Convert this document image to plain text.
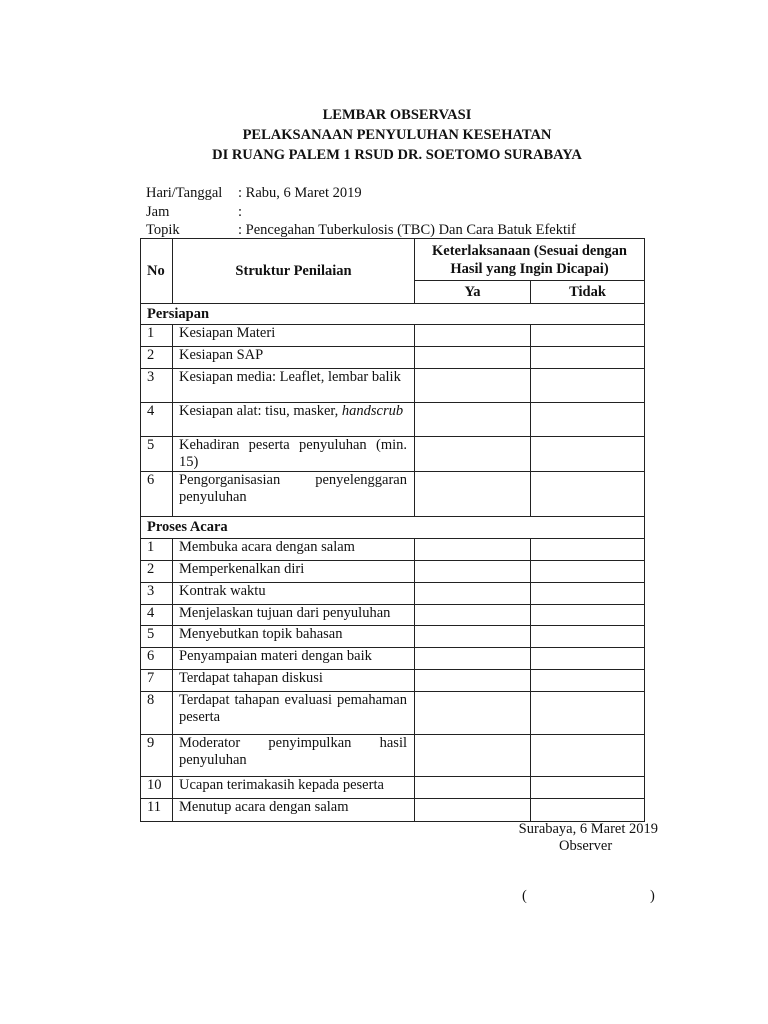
LEMBAR OBSERVASI
PELAKSANAAN PENYULUHAN KESEHATAN
DI RUANG PALEM 1 RSUD DR. SOETOMO SURABAYA
Hari/Tanggal : Rabu, 6 Maret 2019
Jam	:
Topik	: Pencegahan Tuberkulosis (TBC) Dan Cara Batuk Efektif
No	Struktur Penilaian	Keterlaksanaan (Sesuai dengan Hasil yang Ingin Dicapai)	
		Ya	Tidak
Persiapan			
1	Kesiapan Materi		
2	Kesiapan SAP		
3	Kesiapan media: Leaflet, lembar balik		
4	Kesiapan alat: tisu, masker, handscrub		
5	Kehadiran peserta penyuluhan (min. 15)		
6	Pengorganisasian penyelenggaran penyuluhan		
Proses Acara			
1	Membuka acara dengan salam		
2	Memperkenalkan diri		
3	Kontrak waktu		
4	Menjelaskan tujuan dari penyuluhan		
5	Menyebutkan topik bahasan		
6	Penyampaian materi dengan baik		
7	Terdapat tahapan diskusi		
8	Terdapat tahapan evaluasi pemahaman peserta		
9	Moderator penyimpulkan hasil penyuluhan		
10	Ucapan terimakasih kepada peserta		
11	Menutup acara dengan salam		
Surabaya, 6 Maret 2019
Observer
(	)
